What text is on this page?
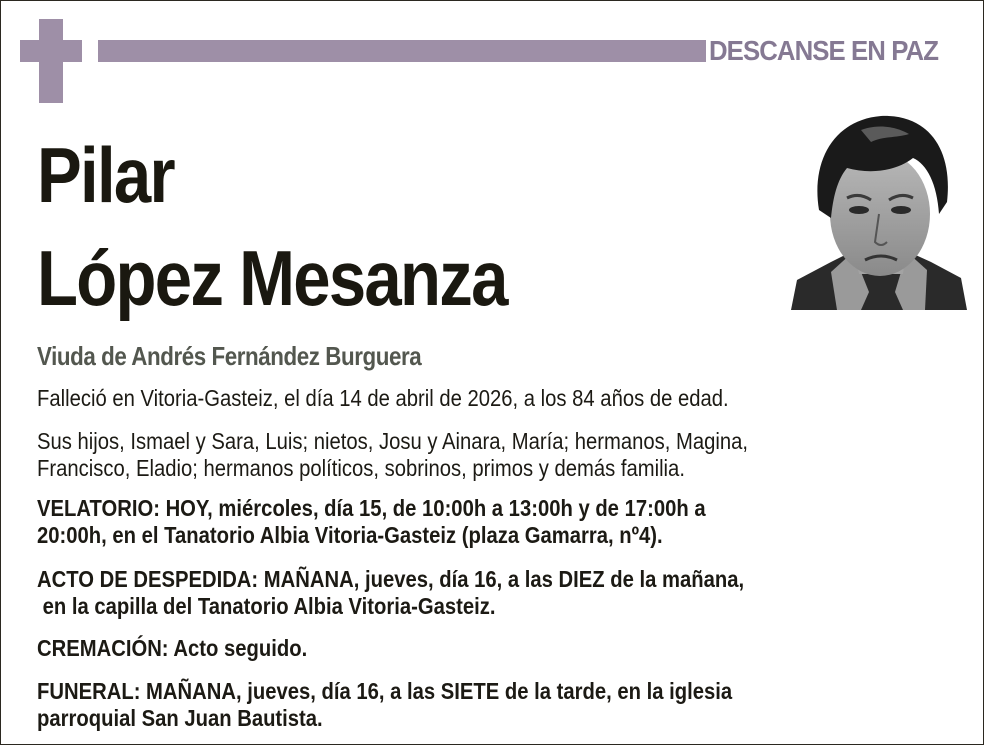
DESCANSE EN PAZ
Pilar
López Mesanza
Viuda de Andrés Fernández Burguera
Falleció en Vitoria-Gasteiz, el día 14 de abril de 2026, a los 84 años de edad.
Sus hijos, Ismael y Sara, Luis; nietos, Josu y Ainara, María; hermanos, Magina,
Francisco, Eladio; hermanos políticos, sobrinos, primos y demás familia.
VELATORIO: HOY, miércoles, día 15, de 10:00h a 13:00h y de 17:00h a
20:00h, en el Tanatorio Albia Vitoria-Gasteiz (plaza Gamarra, nº4).
ACTO DE DESPEDIDA: MAÑANA, jueves, día 16, a las DIEZ de la mañana,
en la capilla del Tanatorio Albia Vitoria-Gasteiz.
CREMACIÓN: Acto seguido.
FUNERAL: MAÑANA, jueves, día 16, a las SIETE de la tarde, en la iglesia
parroquial San Juan Bautista.
